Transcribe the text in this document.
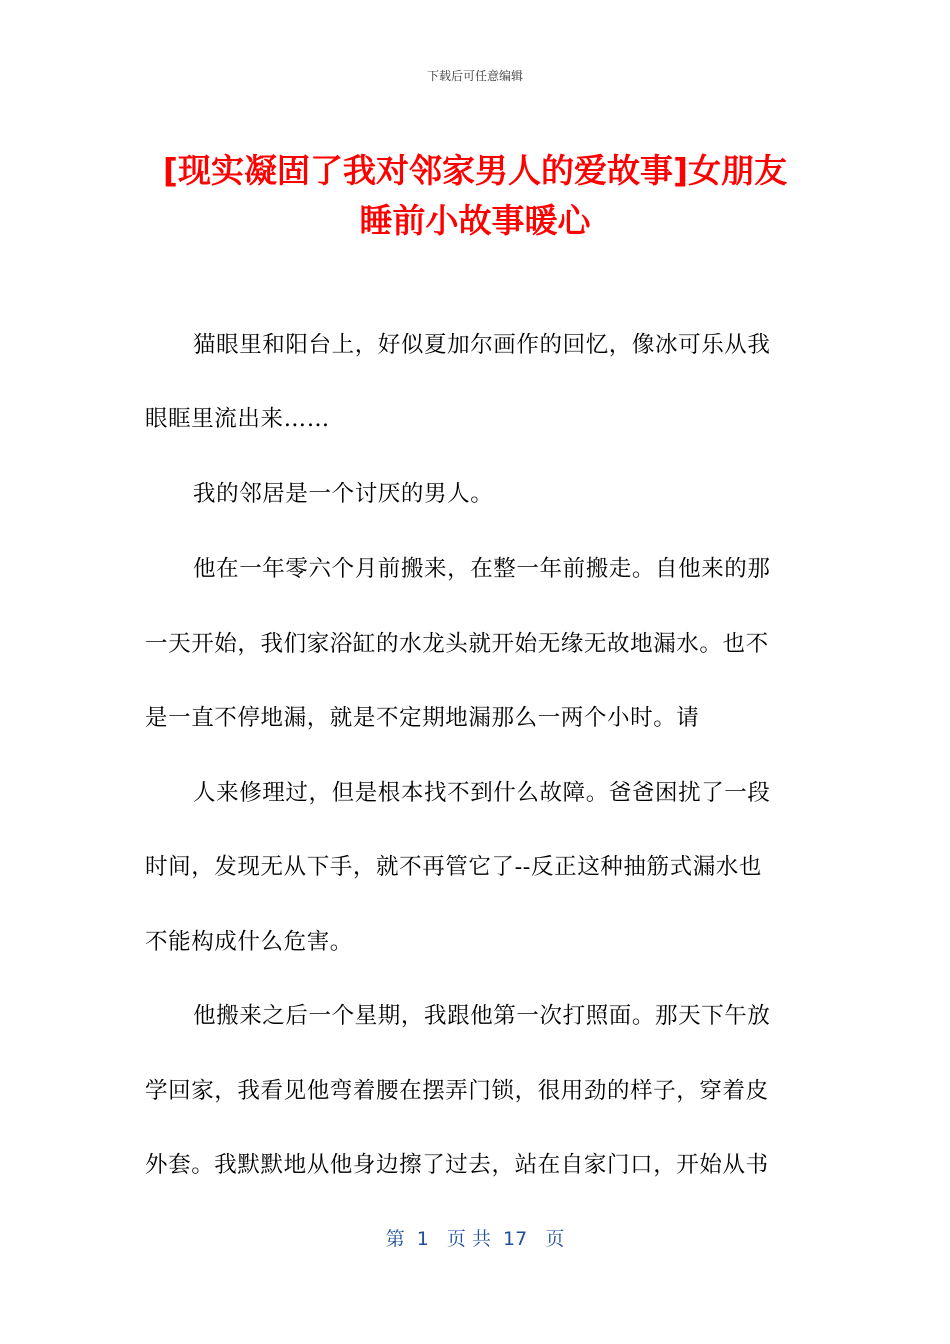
下载后可任意编辑
[现实凝固了我对邻家男人的爱故事]女朋友
睡前小故事暖心
猫眼里和阳台上，好似夏加尔画作的回忆，像冰可乐从我
眼眶里流出来……
我的邻居是一个讨厌的男人。
他在一年零六个月前搬来，在整一年前搬走。自他来的那
一天开始，我们家浴缸的水龙头就开始无缘无故地漏水。也不
是一直不停地漏，就是不定期地漏那么一两个小时。请
人来修理过，但是根本找不到什么故障。爸爸困扰了一段
时间，发现无从下手，就不再管它了--反正这种抽筋式漏水也
不能构成什么危害。
他搬来之后一个星期，我跟他第一次打照面。那天下午放
学回家，我看见他弯着腰在摆弄门锁，很用劲的样子，穿着皮
外套。我默默地从他身边擦了过去，站在自家门口，开始从书
第  1   页 共  17   页
